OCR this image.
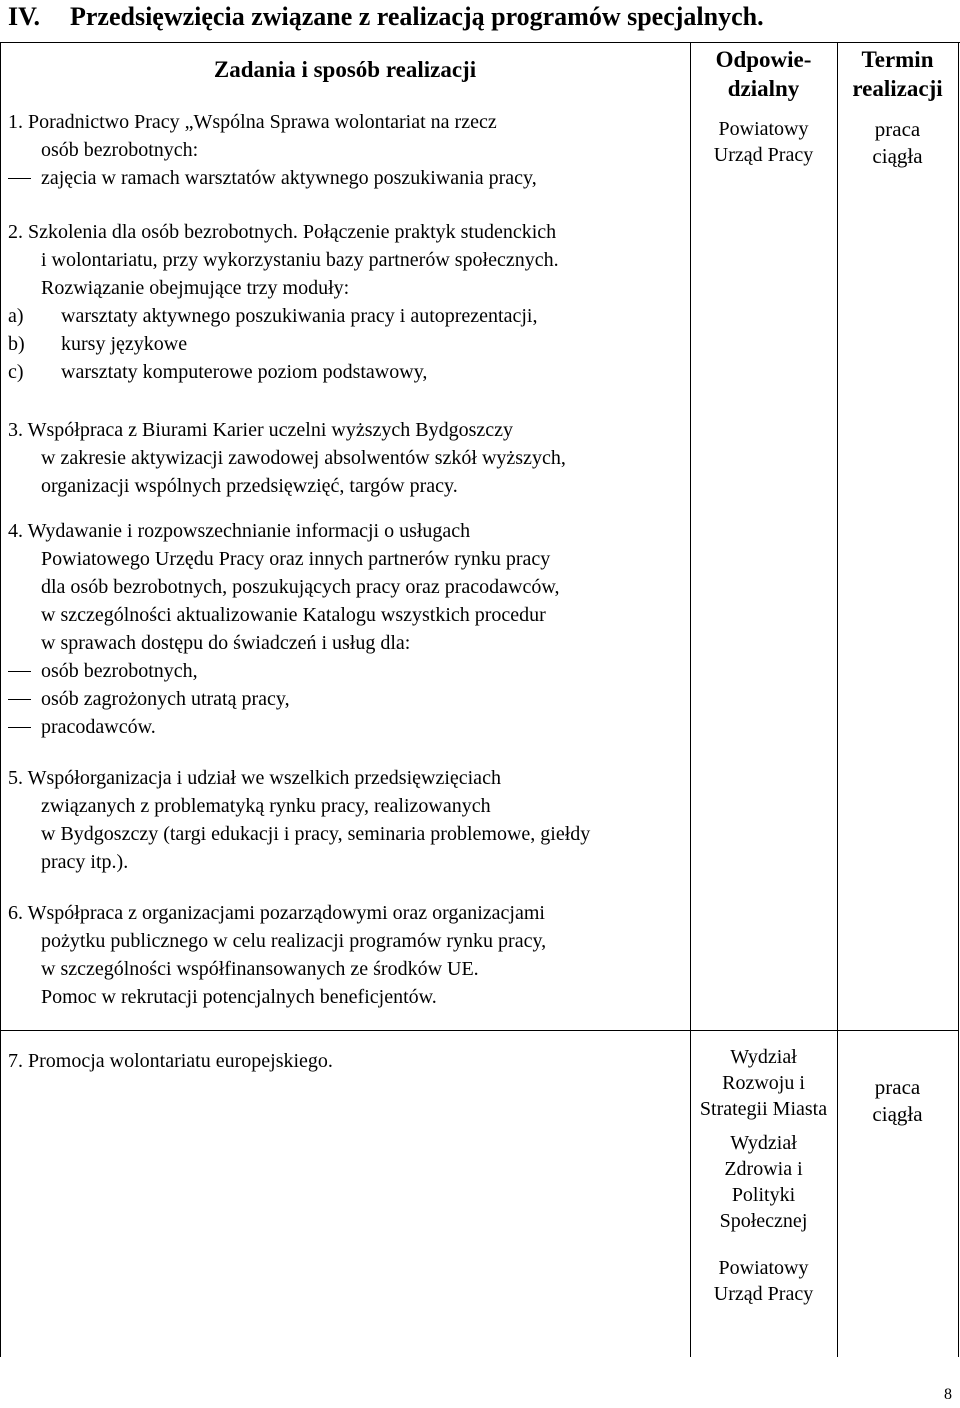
IV. Przedsięwzięcia związane z realizacją programów specjalnych.
Zadania i sposób realizacji	Odpowie-
dzialny
Termin
realizacji
1. Poradnictwo Pracy „Wspólna Sprawa wolontariat na rzecz
osób bezrobotnych:
zajęcia w ramach warsztatów aktywnego poszukiwania pracy,
2. Szkolenia dla osób bezrobotnych. Połączenie praktyk studenckich
i wolontariatu, przy wykorzystaniu bazy partnerów społecznych.
Rozwiązanie obejmujące trzy moduły:
a) warsztaty aktywnego poszukiwania pracy i autoprezentacji,
b) kursy językowe
c) warsztaty komputerowe poziom podstawowy,
3. Współpraca z Biurami Karier uczelni wyższych Bydgoszczy
w zakresie aktywizacji zawodowej absolwentów szkół wyższych,
organizacji wspólnych przedsięwzięć, targów pracy.
4. Wydawanie i rozpowszechnianie informacji o usługach
Powiatowego Urzędu Pracy oraz innych partnerów rynku pracy
dla osób bezrobotnych, poszukujących pracy oraz pracodawców,
w szczególności aktualizowanie Katalogu wszystkich procedur
w sprawach dostępu do świadczeń i usług dla:
osób bezrobotnych,
osób zagrożonych utratą pracy,
pracodawców.
5. Współorganizacja i udział we wszelkich przedsięwzięciach
związanych z problematyką rynku pracy, realizowanych
w Bydgoszczy (targi edukacji i pracy, seminaria problemowe, giełdy
pracy itp.).
6. Współpraca z organizacjami pozarządowymi oraz organizacjami
pożytku publicznego w celu realizacji programów rynku pracy,
w szczególności współfinansowanych ze środków UE.
Pomoc w rekrutacji potencjalnych beneficjentów.
7. Promocja wolontariatu europejskiego.
Powiatowy
Urząd Pracy
praca
ciągła
Wydział
Rozwoju i
Strategii Miasta
Wydział
Zdrowia i
Polityki
Społecznej
Powiatowy
Urząd Pracy
praca
ciągła
8
